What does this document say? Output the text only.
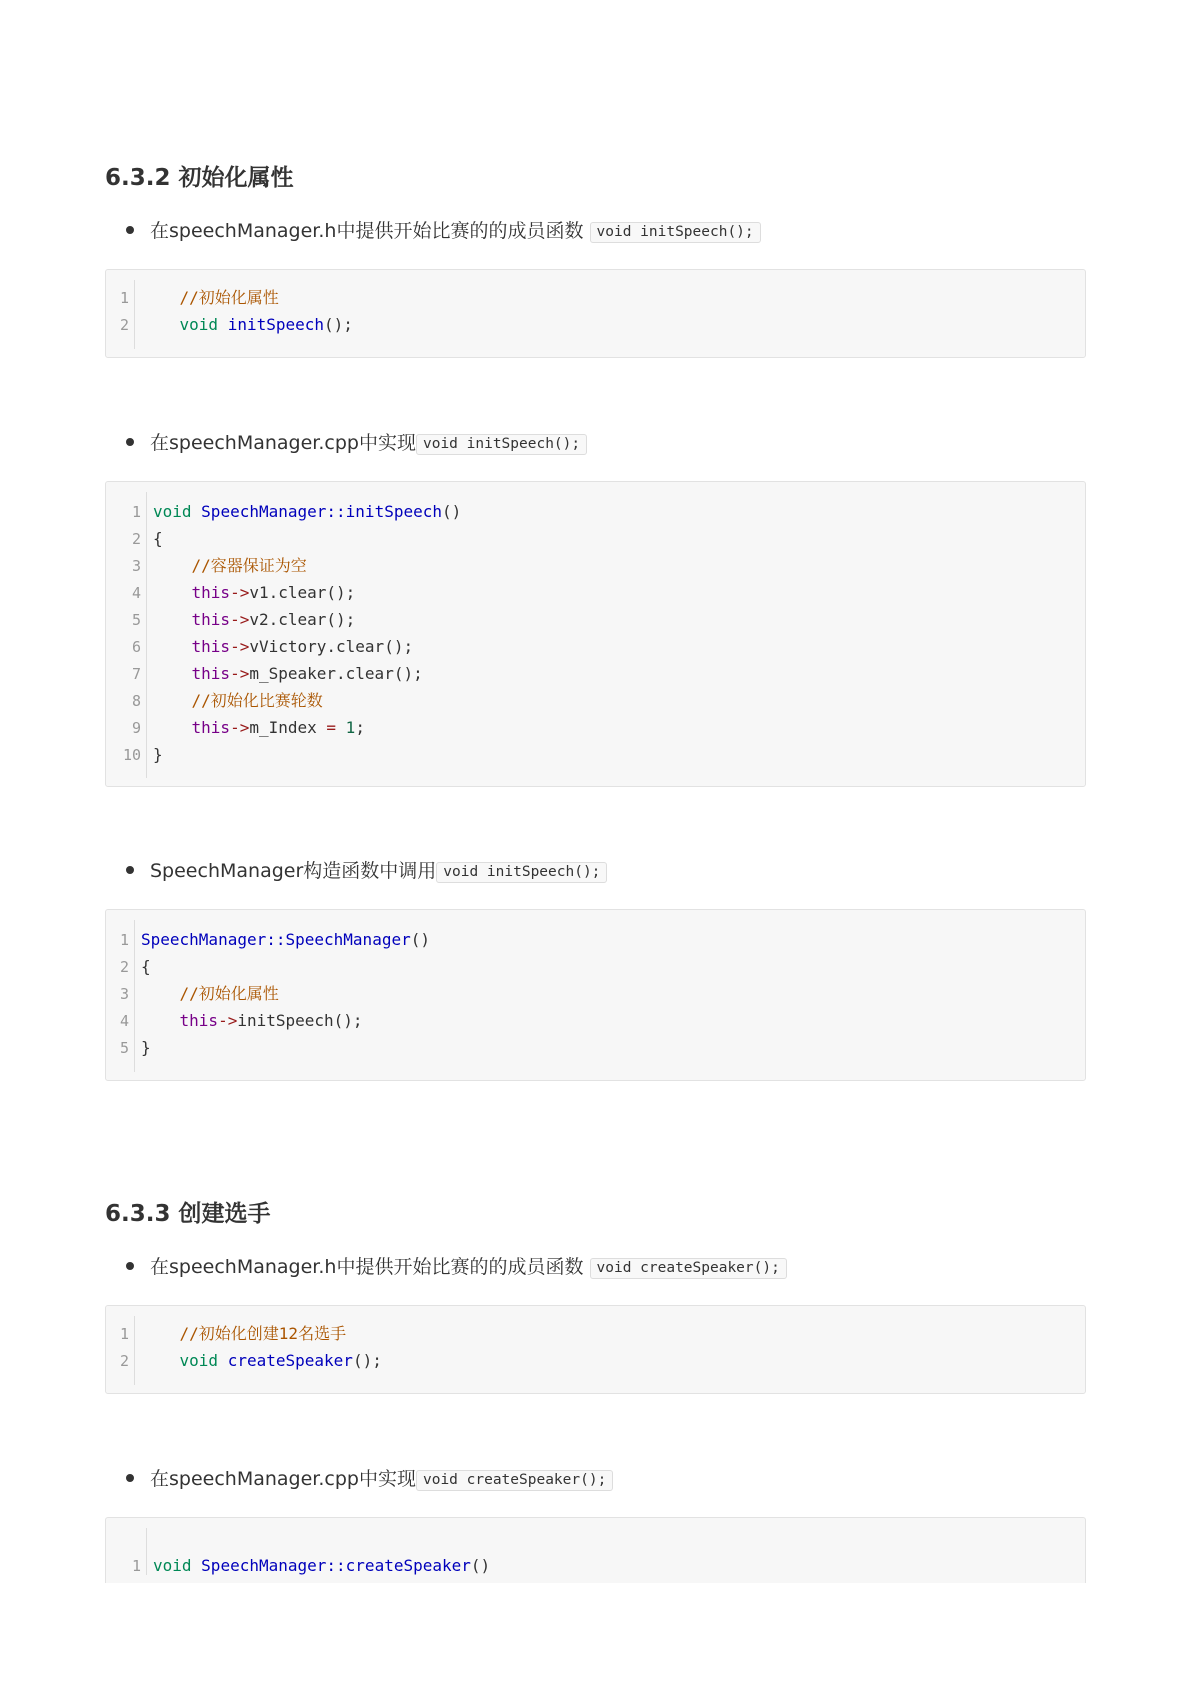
6.3.2 初始化属性
在speechManager.h中提供开始比赛的的成员函数 void initSpeech();
1	//初始化属性
2	void initSpeech();
在speechManager.cpp中实现 void initSpeech();
1 void SpeechManager::initSpeech()
2 {
3	//容器保证为空
4	this->v1.clear();
5	this->v2.clear();
6	this->vVictory.clear();
7	this->m_Speaker.clear();
8	//初始化比赛轮数
9	this->m_Index = 1;
10 }
SpeechManager构造函数中调用 void initSpeech();
1 SpeechManager::SpeechManager()
2 {
3	//初始化属性
4	this->initSpeech();
5 }
6.3.3 创建选手
在speechManager.h中提供开始比赛的的成员函数 void createSpeaker();
1	//初始化创建12名选手
2	void createSpeaker();
在speechManager.cpp中实现 void createSpeaker();
1 void SpeechManager::createSpeaker()
